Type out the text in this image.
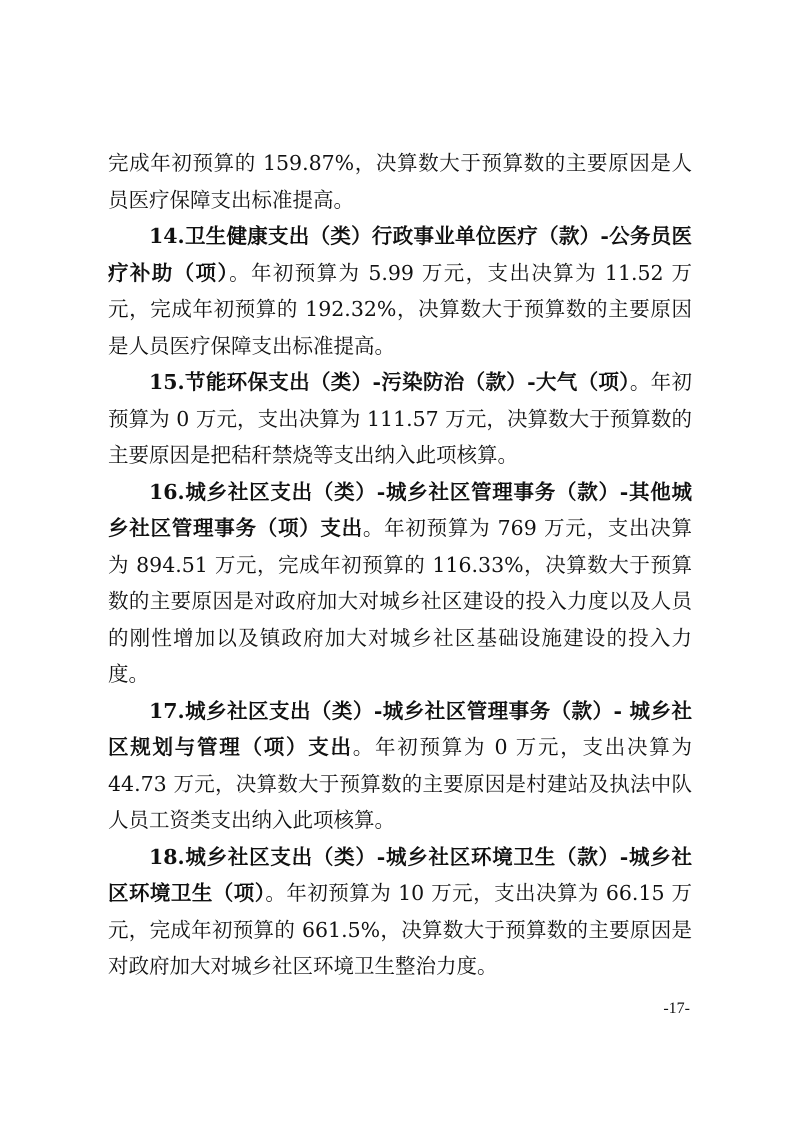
完成年初预算的 159.87%，决算数大于预算数的主要原因是人员医疗保障支出标准提高。

14.卫生健康支出（类）行政事业单位医疗（款）-公务员医疗补助（项）。年初预算为 5.99 万元，支出决算为 11.52 万元，完成年初预算的 192.32%，决算数大于预算数的主要原因是人员医疗保障支出标准提高。

15.节能环保支出（类）-污染防治（款）-大气（项）。年初预算为 0 万元，支出决算为 111.57 万元，决算数大于预算数的主要原因是把秸秆禁烧等支出纳入此项核算。

16.城乡社区支出（类）-城乡社区管理事务（款）-其他城乡社区管理事务（项）支出。年初预算为 769 万元，支出决算为 894.51 万元，完成年初预算的 116.33%，决算数大于预算数的主要原因是对政府加大对城乡社区建设的投入力度以及人员的刚性增加以及镇政府加大对城乡社区基础设施建设的投入力度。

17.城乡社区支出（类）-城乡社区管理事务（款）- 城乡社区规划与管理（项）支出。年初预算为 0 万元，支出决算为 44.73 万元，决算数大于预算数的主要原因是村建站及执法中队人员工资类支出纳入此项核算。

18.城乡社区支出（类）-城乡社区环境卫生（款）-城乡社区环境卫生（项）。年初预算为 10 万元，支出决算为 66.15 万元，完成年初预算的 661.5%，决算数大于预算数的主要原因是对政府加大对城乡社区环境卫生整治力度。

-17-
